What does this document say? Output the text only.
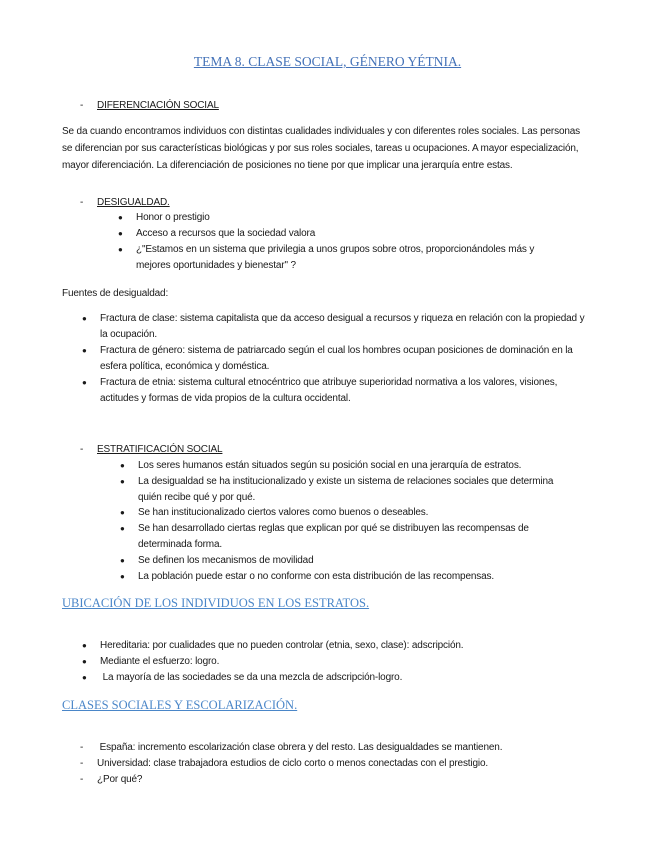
TEMA 8. CLASE SOCIAL, GÉNERO YÉTNIA.
- DIFERENCIACIÓN SOCIAL
Se da cuando encontramos individuos con distintas cualidades individuales y con diferentes roles sociales. Las personas se diferencian por sus características biológicas y por sus roles sociales, tareas u ocupaciones. A mayor especialización, mayor diferenciación. La diferenciación de posiciones no tiene por que implicar una jerarquía entre estas.
- DESIGUALDAD.
● Honor o prestigio
● Acceso a recursos que la sociedad valora
● ¿"Estamos en un sistema que privilegia a unos grupos sobre otros, proporcionándoles más y mejores oportunidades y bienestar" ?
Fuentes de desigualdad:
● Fractura de clase: sistema capitalista que da acceso desigual a recursos y riqueza en relación con la propiedad y la ocupación.
● Fractura de género: sistema de patriarcado según el cual los hombres ocupan posiciones de dominación en la esfera política, económica y doméstica.
● Fractura de etnia: sistema cultural etnocéntrico que atribuye superioridad normativa a los valores, visiones, actitudes y formas de vida propios de la cultura occidental.
- ESTRATIFICACIÓN SOCIAL
● Los seres humanos están situados según su posición social en una jerarquía de estratos.
● La desigualdad se ha institucionalizado y existe un sistema de relaciones sociales que determina quién recibe qué y por qué.
● Se han institucionalizado ciertos valores como buenos o deseables.
● Se han desarrollado ciertas reglas que explican por qué se distribuyen las recompensas de determinada forma.
● Se definen los mecanismos de movilidad
● La población puede estar o no conforme con esta distribución de las recompensas.
UBICACIÓN DE LOS INDIVIDUOS EN LOS ESTRATOS.
● Hereditaria: por cualidades que no pueden controlar (etnia, sexo, clase): adscripción.
● Mediante el esfuerzo: logro.
● La mayoría de las sociedades se da una mezcla de adscripción-logro.
CLASES SOCIALES Y ESCOLARIZACIÓN.
- España: incremento escolarización clase obrera y del resto. Las desigualdades se mantienen.
- Universidad: clase trabajadora estudios de ciclo corto o menos conectadas con el prestigio.
- ¿Por qué?
